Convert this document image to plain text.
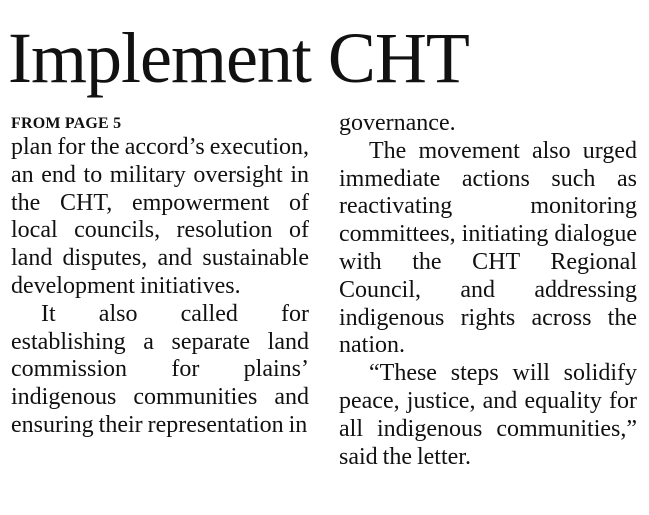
Implement CHT
FROM PAGE 5

plan for the accord’s execution, an end to military oversight in the CHT, empowerment of local councils, resolution of land disputes, and sustainable development initiatives.

It also called for establishing a separate land commission for plains’ indigenous communities and ensuring their representation in

governance.

The movement also urged immediate actions such as reactivating monitoring committees, initiating dialogue with the CHT Regional Council, and addressing indigenous rights across the nation.

“These steps will solidify peace, justice, and equality for all indigenous communities,” said the letter.
